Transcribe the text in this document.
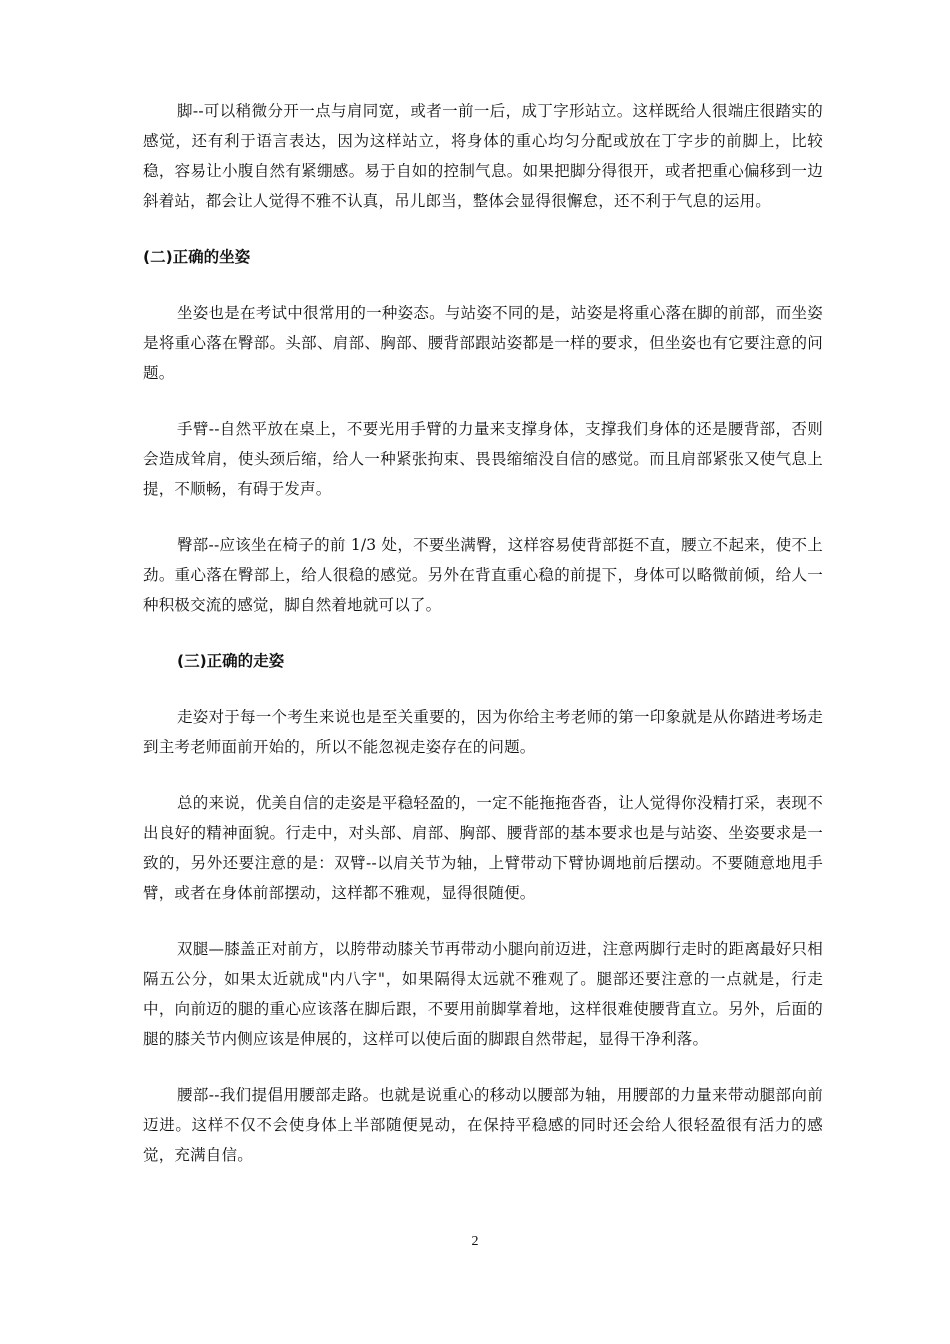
脚--可以稍微分开一点与肩同宽，或者一前一后，成丁字形站立。这样既给人很端庄很踏实的感觉，还有利于语言表达，因为这样站立，将身体的重心均匀分配或放在丁字步的前脚上，比较稳，容易让小腹自然有紧绷感。易于自如的控制气息。如果把脚分得很开，或者把重心偏移到一边斜着站，都会让人觉得不雅不认真，吊儿郎当，整体会显得很懈怠，还不利于气息的运用。

(二)正确的坐姿

坐姿也是在考试中很常用的一种姿态。与站姿不同的是，站姿是将重心落在脚的前部，而坐姿是将重心落在臀部。头部、肩部、胸部、腰背部跟站姿都是一样的要求，但坐姿也有它要注意的问题。

手臂--自然平放在桌上，不要光用手臂的力量来支撑身体，支撑我们身体的还是腰背部，否则会造成耸肩，使头颈后缩，给人一种紧张拘束、畏畏缩缩没自信的感觉。而且肩部紧张又使气息上提，不顺畅，有碍于发声。

臀部--应该坐在椅子的前 1/3 处，不要坐满臀，这样容易使背部挺不直，腰立不起来，使不上劲。重心落在臀部上，给人很稳的感觉。另外在背直重心稳的前提下，身体可以略微前倾，给人一种积极交流的感觉，脚自然着地就可以了。

(三)正确的走姿

走姿对于每一个考生来说也是至关重要的，因为你给主考老师的第一印象就是从你踏进考场走到主考老师面前开始的，所以不能忽视走姿存在的问题。

总的来说，优美自信的走姿是平稳轻盈的，一定不能拖拖沓沓，让人觉得你没精打采，表现不出良好的精神面貌。行走中，对头部、肩部、胸部、腰背部的基本要求也是与站姿、坐姿要求是一致的，另外还要注意的是：双臂--以肩关节为轴，上臂带动下臂协调地前后摆动。不要随意地甩手臂，或者在身体前部摆动，这样都不雅观，显得很随便。

双腿—膝盖正对前方，以胯带动膝关节再带动小腿向前迈进，注意两脚行走时的距离最好只相隔五公分，如果太近就成"内八字"，如果隔得太远就不雅观了。腿部还要注意的一点就是，行走中，向前迈的腿的重心应该落在脚后跟，不要用前脚掌着地，这样很难使腰背直立。另外，后面的腿的膝关节内侧应该是伸展的，这样可以使后面的脚跟自然带起，显得干净利落。

腰部--我们提倡用腰部走路。也就是说重心的移动以腰部为轴，用腰部的力量来带动腿部向前迈进。这样不仅不会使身体上半部随便晃动，在保持平稳感的同时还会给人很轻盈很有活力的感觉，充满自信。

2
